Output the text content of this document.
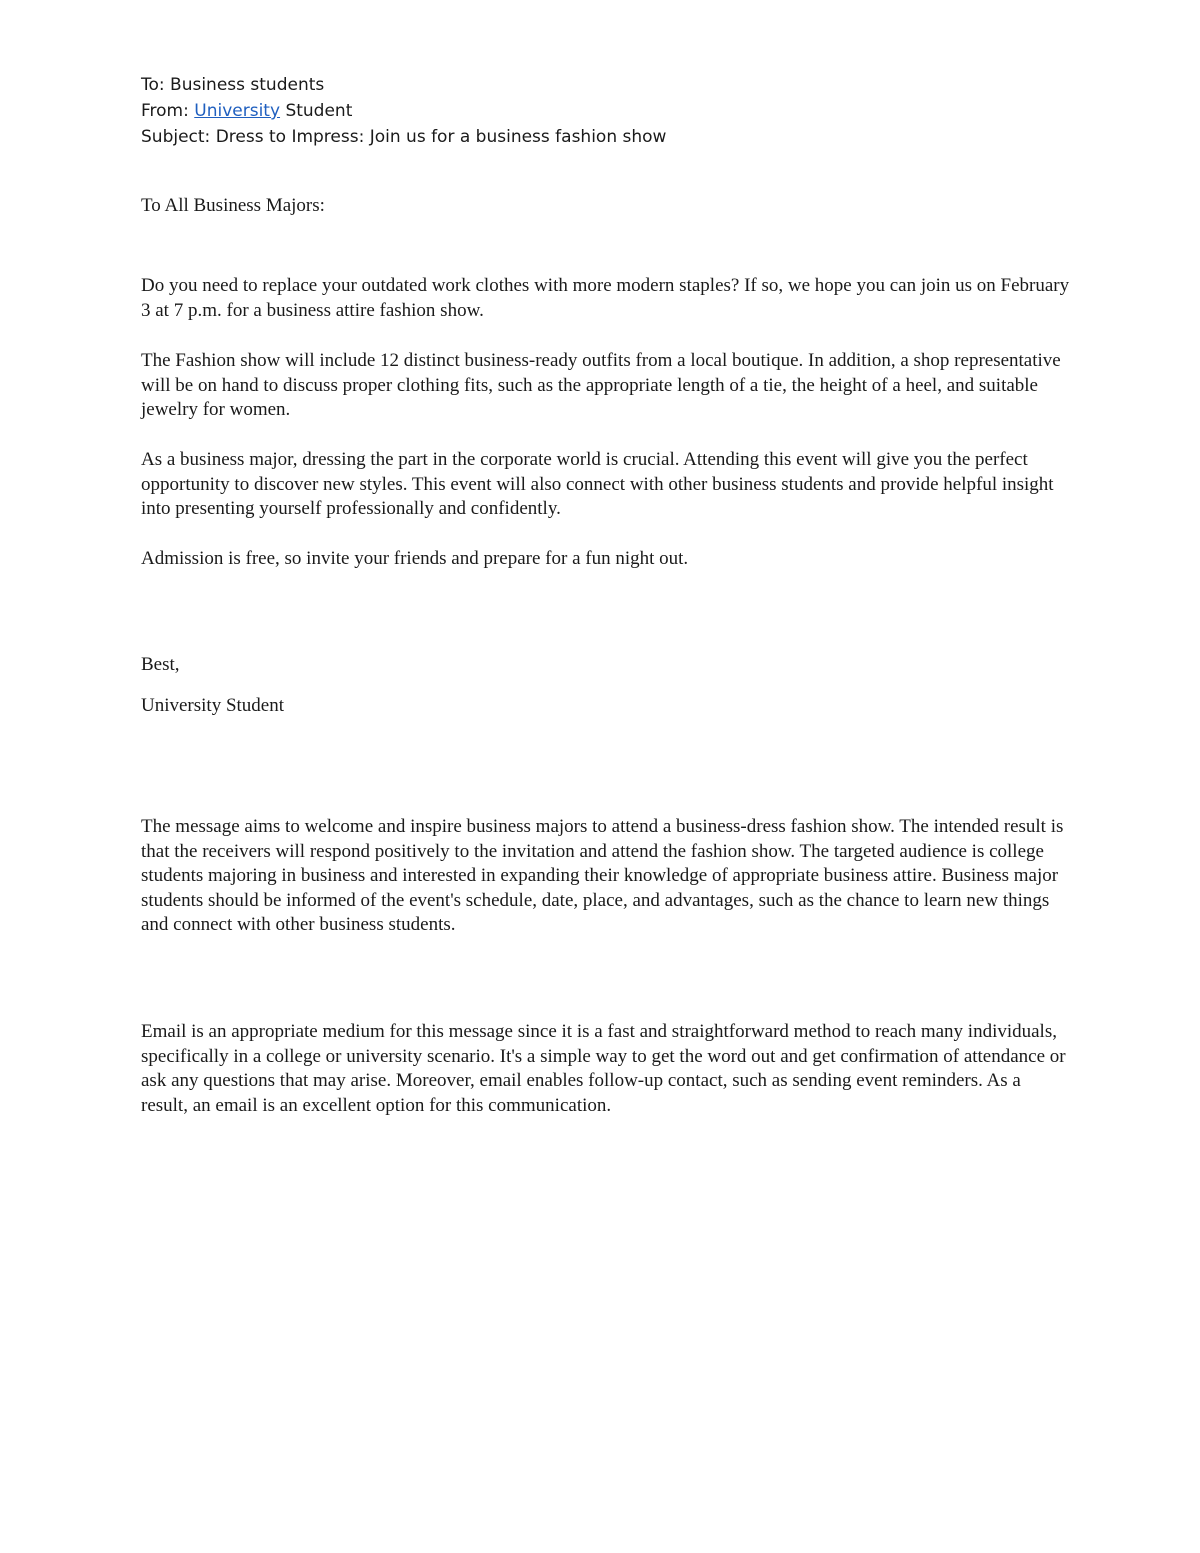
To: Business students
From: University Student
Subject: Dress to Impress: Join us for a business fashion show

To All Business Majors:

Do you need to replace your outdated work clothes with more modern staples? If so, we hope you can join us on February 3 at 7 p.m. for a business attire fashion show.

The Fashion show will include 12 distinct business-ready outfits from a local boutique. In addition, a shop representative will be on hand to discuss proper clothing fits, such as the appropriate length of a tie, the height of a heel, and suitable jewelry for women.

As a business major, dressing the part in the corporate world is crucial. Attending this event will give you the perfect opportunity to discover new styles. This event will also connect with other business students and provide helpful insight into presenting yourself professionally and confidently.

Admission is free, so invite your friends and prepare for a fun night out.

Best,

University Student

The message aims to welcome and inspire business majors to attend a business-dress fashion show. The intended result is that the receivers will respond positively to the invitation and attend the fashion show. The targeted audience is college students majoring in business and interested in expanding their knowledge of appropriate business attire. Business major students should be informed of the event's schedule, date, place, and advantages, such as the chance to learn new things and connect with other business students.

Email is an appropriate medium for this message since it is a fast and straightforward method to reach many individuals, specifically in a college or university scenario. It's a simple way to get the word out and get confirmation of attendance or ask any questions that may arise. Moreover, email enables follow-up contact, such as sending event reminders. As a result, an email is an excellent option for this communication.
